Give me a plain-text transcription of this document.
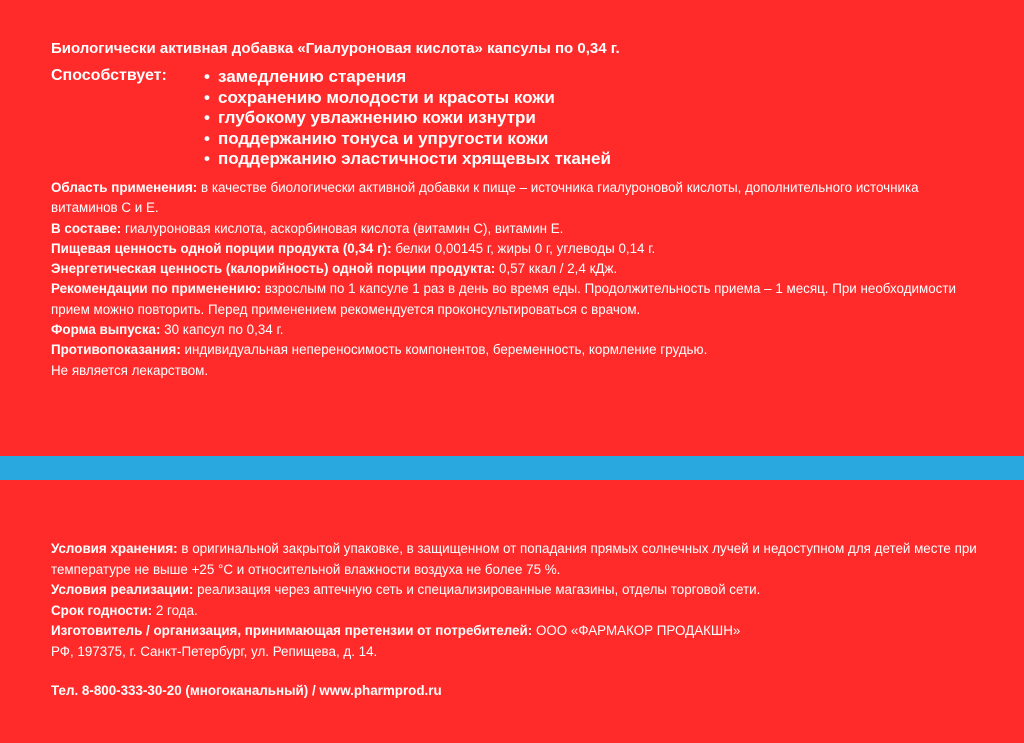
Биологически активная добавка «Гиалуроновая кислота» капсулы по 0,34 г.
Способствует:
•	замедлению старения
• сохранению молодости и красоты кожи
• глубокому увлажнению кожи изнутри
• поддержанию тонуса и упругости кожи
• поддержанию эластичности хрящевых тканей

Область применения: в качестве биологически активной добавки к пище – источника гиалуроновой кислоты, дополнительного источника витаминов С и Е.

В составе: гиалуроновая кислота, аскорбиновая кислота (витамин С), витамин Е.

Пищевая ценность одной порции продукта (0,34 г): белки 0,00145 г, жиры 0 г, углеводы 0,14 г.

Энергетическая ценность (калорийность) одной порции продукта: 0,57 ккал / 2,4 кДж.

Рекомендации по применению: взрослым по 1 капсуле 1 раз в день во время еды. Продолжительность приема – 1 месяц. При необходимости прием можно повторить. Перед применением рекомендуется проконсультироваться с врачом.

Форма выпуска: 30 капсул по 0,34 г.

Противопоказания: индивидуальная непереносимость компонентов, беременность, кормление грудью.

Не является лекарством.

Условия хранения: в оригинальной закрытой упаковке, в защищенном от попадания прямых солнечных лучей и недоступном для детей месте при температуре не выше +25 °С и относительной влажности воздуха не более 75 %.

Условия реализации: реализация через аптечную сеть и специализированные магазины, отделы торговой сети.

Срок годности: 2 года.

Изготовитель / организация, принимающая претензии от потребителей: ООО «ФАРМАКОР ПРОДАКШН»

РФ, 197375, г. Санкт-Петербург, ул. Репищева, д. 14.

Тел. 8-800-333-30-20 (многоканальный) / www.pharmprod.ru
